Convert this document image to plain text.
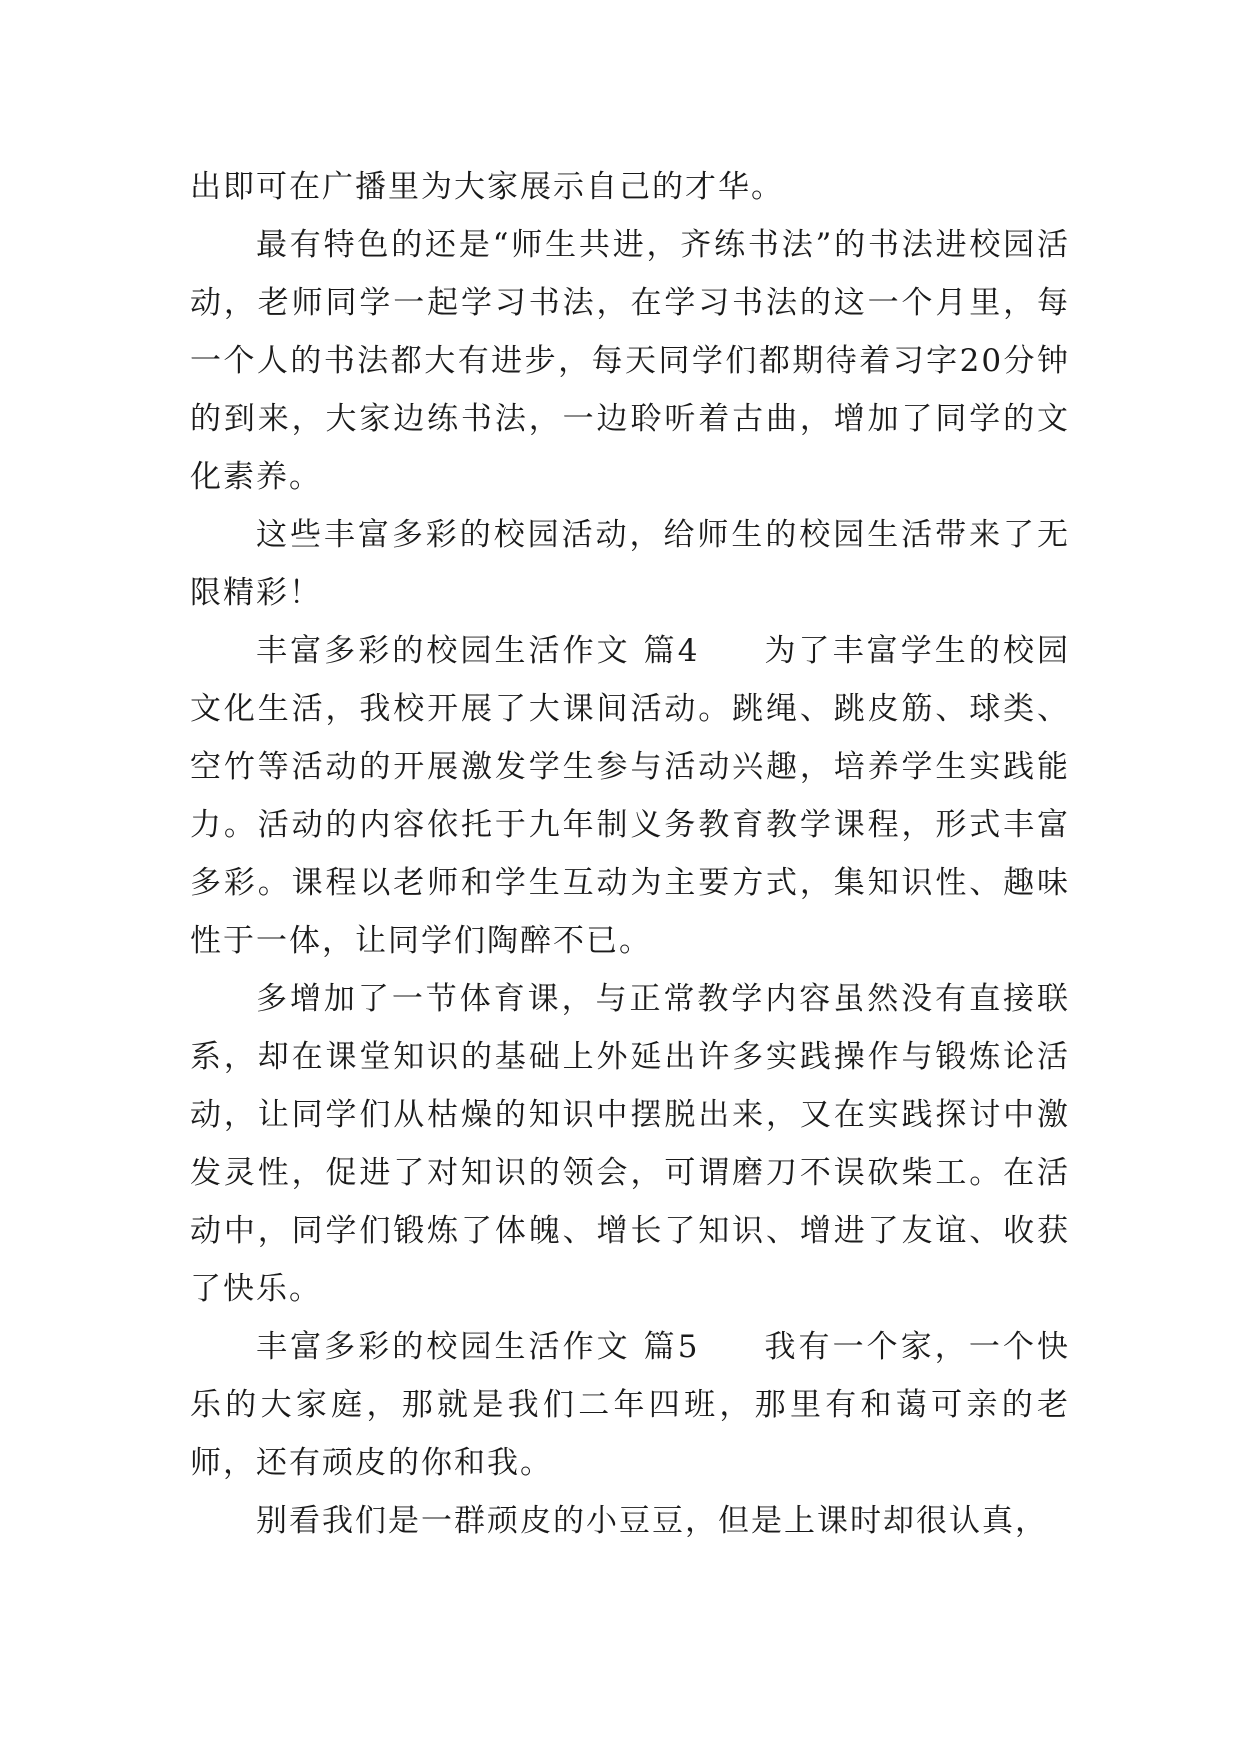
出即可在广播里为大家展示自己的才华。

最有特色的还是“师生共进，齐练书法”的书法进校园活动，老师同学一起学习书法，在学习书法的这一个月里，每一个人的书法都大有进步，每天同学们都期待着习字20分钟的到来，大家边练书法，一边聆听着古曲，增加了同学的文化素养。

这些丰富多彩的校园活动，给师生的校园生活带来了无限精彩！

丰富多彩的校园生活作文 篇4 为了丰富学生的校园文化生活，我校开展了大课间活动。跳绳、跳皮筋、球类、空竹等活动的开展激发学生参与活动兴趣，培养学生实践能力。活动的内容依托于九年制义务教育教学课程，形式丰富多彩。课程以老师和学生互动为主要方式，集知识性、趣味性于一体，让同学们陶醉不已。

多增加了一节体育课，与正常教学内容虽然没有直接联系，却在课堂知识的基础上外延出许多实践操作与锻炼论活动，让同学们从枯燥的知识中摆脱出来，又在实践探讨中激发灵性，促进了对知识的领会，可谓磨刀不误砍柴工。在活动中，同学们锻炼了体魄、增长了知识、增进了友谊、收获了快乐。

丰富多彩的校园生活作文 篇5 我有一个家，一个快乐的大家庭，那就是我们二年四班，那里有和蔼可亲的老师，还有顽皮的你和我。

别看我们是一群顽皮的小豆豆，但是上课时却很认真，
